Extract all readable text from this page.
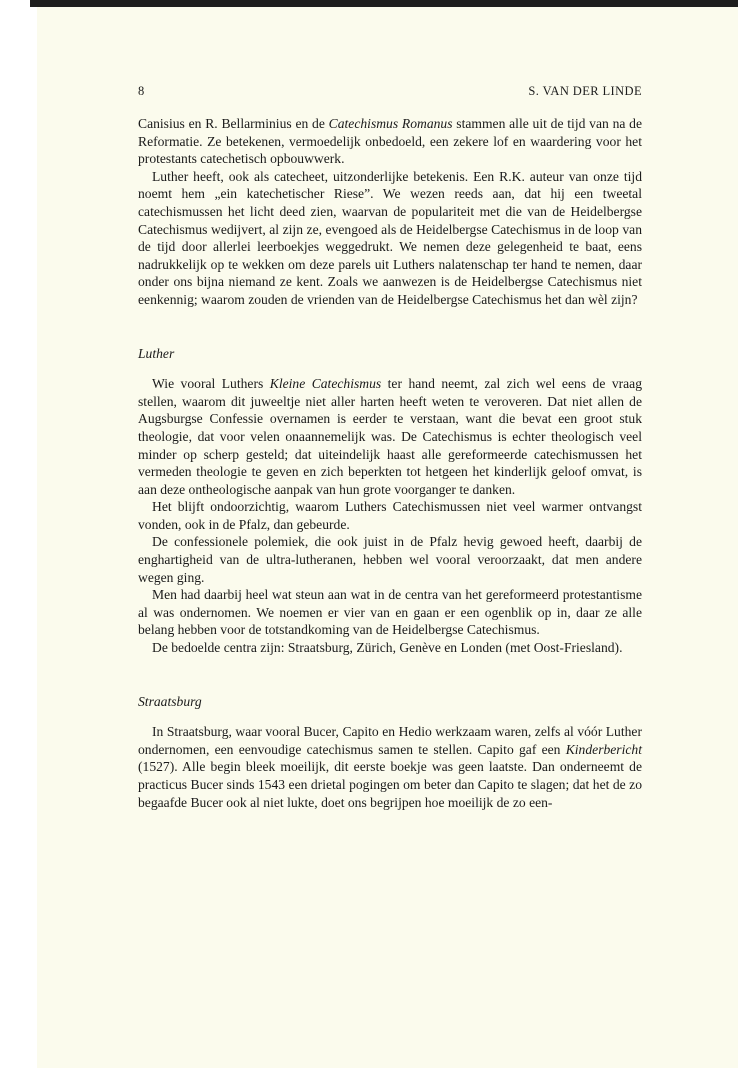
8	S. VAN DER LINDE

Canisius en R. Bellarminius en de Catechismus Romanus stammen alle uit de tijd van na de Reformatie. Ze betekenen, vermoedelijk onbedoeld, een zekere lof en waardering voor het protestants catechetisch opbouwwerk.

Luther heeft, ook als catecheet, uitzonderlijke betekenis. Een R.K. auteur van onze tijd noemt hem „ein katechetischer Riese”. We wezen reeds aan, dat hij een tweetal catechismussen het licht deed zien, waarvan de populariteit met die van de Heidelbergse Catechismus wedijvert, al zijn ze, evengoed als de Heidelbergse Catechismus in de loop van de tijd door allerlei leerboekjes weggedrukt. We nemen deze gelegenheid te baat, eens nadrukkelijk op te wekken om deze parels uit Luthers nalatenschap ter hand te nemen, daar onder ons bijna niemand ze kent. Zoals we aanwezen is de Heidelbergse Catechismus niet eenkennig; waarom zouden de vrienden van de Heidelbergse Catechismus het dan wèl zijn?

Luther

Wie vooral Luthers Kleine Catechismus ter hand neemt, zal zich wel eens de vraag stellen, waarom dit juweeltje niet aller harten heeft weten te veroveren. Dat niet allen de Augsburgse Confessie overnamen is eerder te verstaan, want die bevat een groot stuk theologie, dat voor velen onaannemelijk was. De Catechismus is echter theologisch veel minder op scherp gesteld; dat uiteindelijk haast alle gereformeerde catechismussen het vermeden theologie te geven en zich beperkten tot hetgeen het kinderlijk geloof omvat, is aan deze ontheologische aanpak van hun grote voorganger te danken.

Het blijft ondoorzichtig, waarom Luthers Catechismussen niet veel warmer ontvangst vonden, ook in de Pfalz, dan gebeurde.

De confessionele polemiek, die ook juist in de Pfalz hevig gewoed heeft, daarbij de enghartigheid van de ultra-lutheranen, hebben wel vooral veroorzaakt, dat men andere wegen ging.

Men had daarbij heel wat steun aan wat in de centra van het gereformeerd protestantisme al was ondernomen. We noemen er vier van en gaan er een ogenblik op in, daar ze alle belang hebben voor de totstandkoming van de Heidelbergse Catechismus.

De bedoelde centra zijn: Straatsburg, Zürich, Genève en Londen (met Oost-Friesland).

Straatsburg

In Straatsburg, waar vooral Bucer, Capito en Hedio werkzaam waren, zelfs al vóór Luther ondernomen, een eenvoudige catechismus samen te stellen. Capito gaf een Kinderbericht (1527). Alle begin bleek moeilijk, dit eerste boekje was geen laatste. Dan onderneemt de practicus Bucer sinds 1543 een drietal pogingen om beter dan Capito te slagen; dat het de zo begaafde Bucer ook al niet lukte, doet ons begrijpen hoe moeilijk de zo een-
